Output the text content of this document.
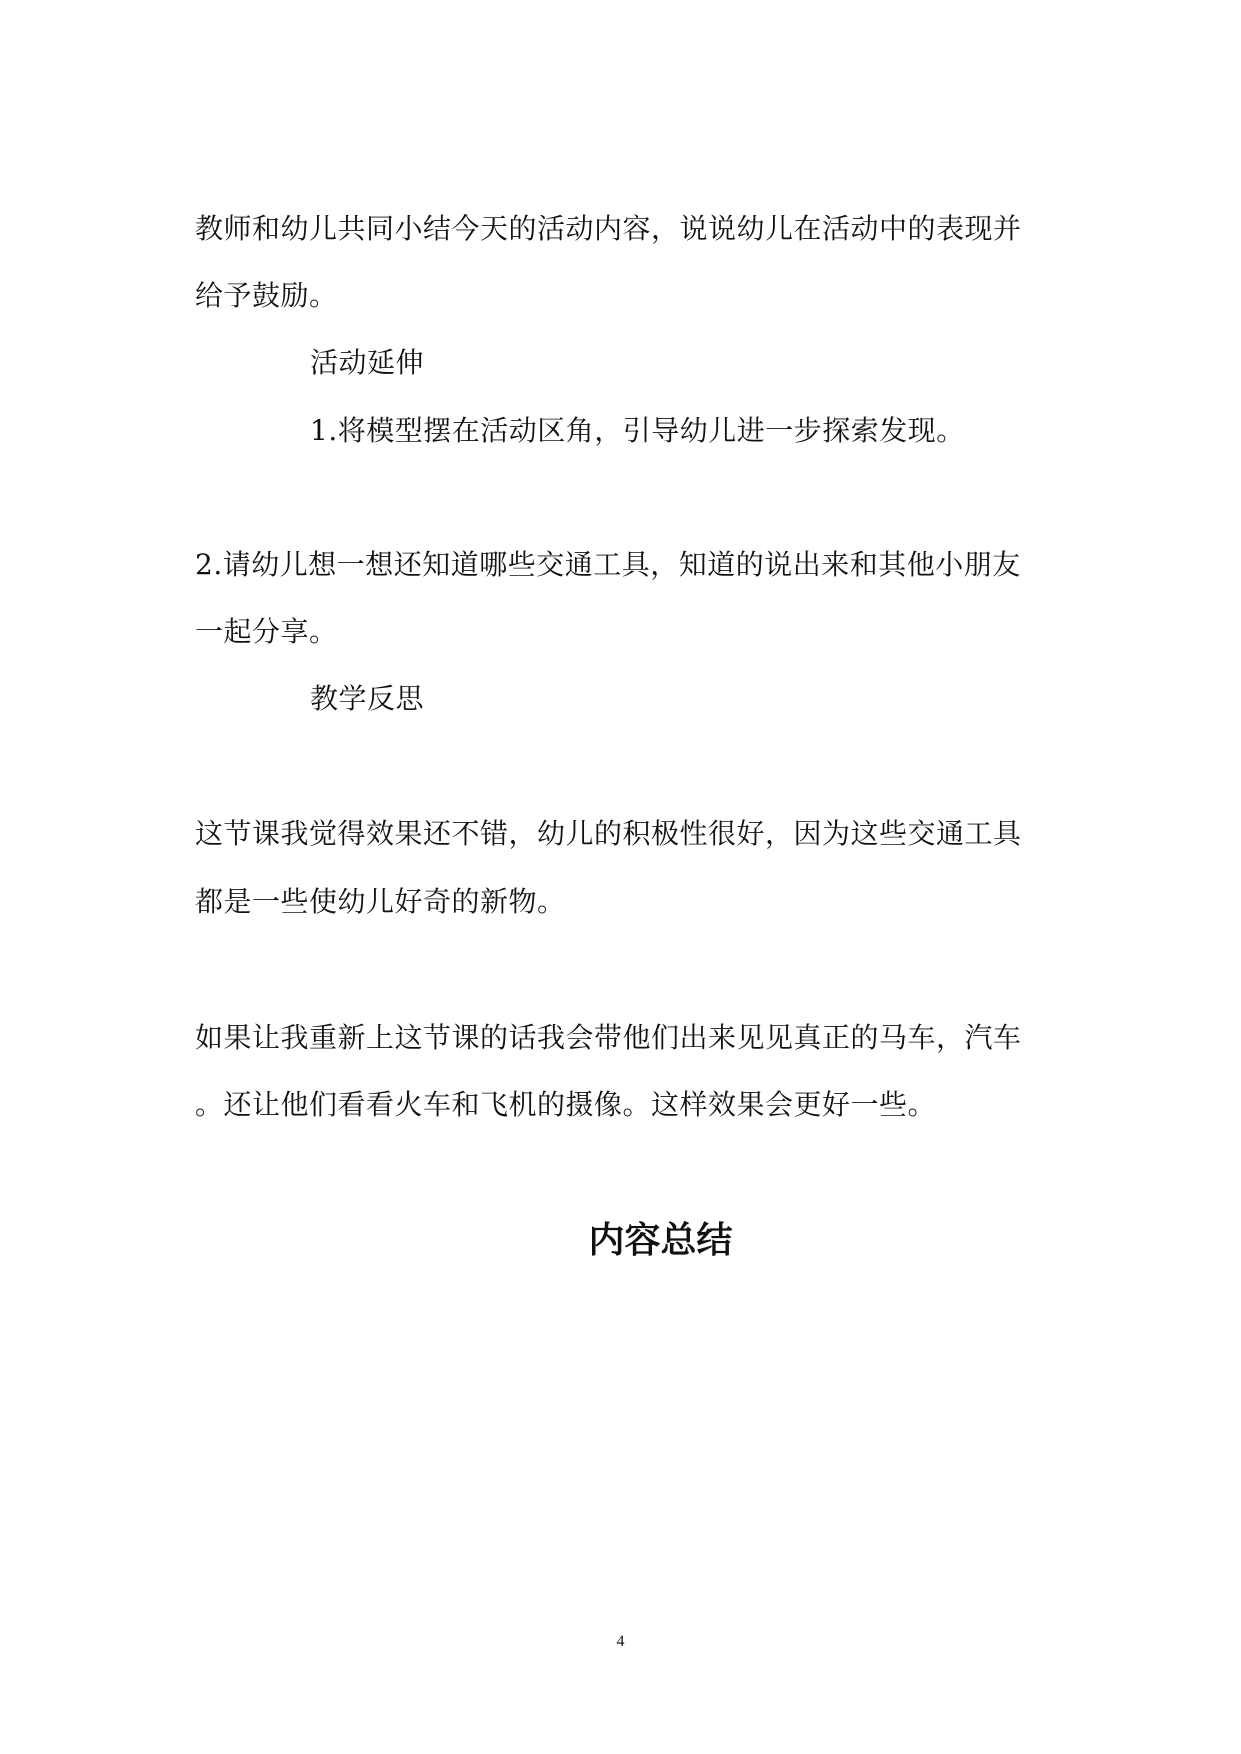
教师和幼儿共同小结今天的活动内容，说说幼儿在活动中的表现并
给予鼓励。
活动延伸
1.将模型摆在活动区角，引导幼儿进一步探索发现。
2.请幼儿想一想还知道哪些交通工具，知道的说出来和其他小朋友
一起分享。
教学反思
这节课我觉得效果还不错，幼儿的积极性很好，因为这些交通工具
都是一些使幼儿好奇的新物。
如果让我重新上这节课的话我会带他们出来见见真正的马车，汽车
。还让他们看看火车和飞机的摄像。这样效果会更好一些。
内容总结
4
